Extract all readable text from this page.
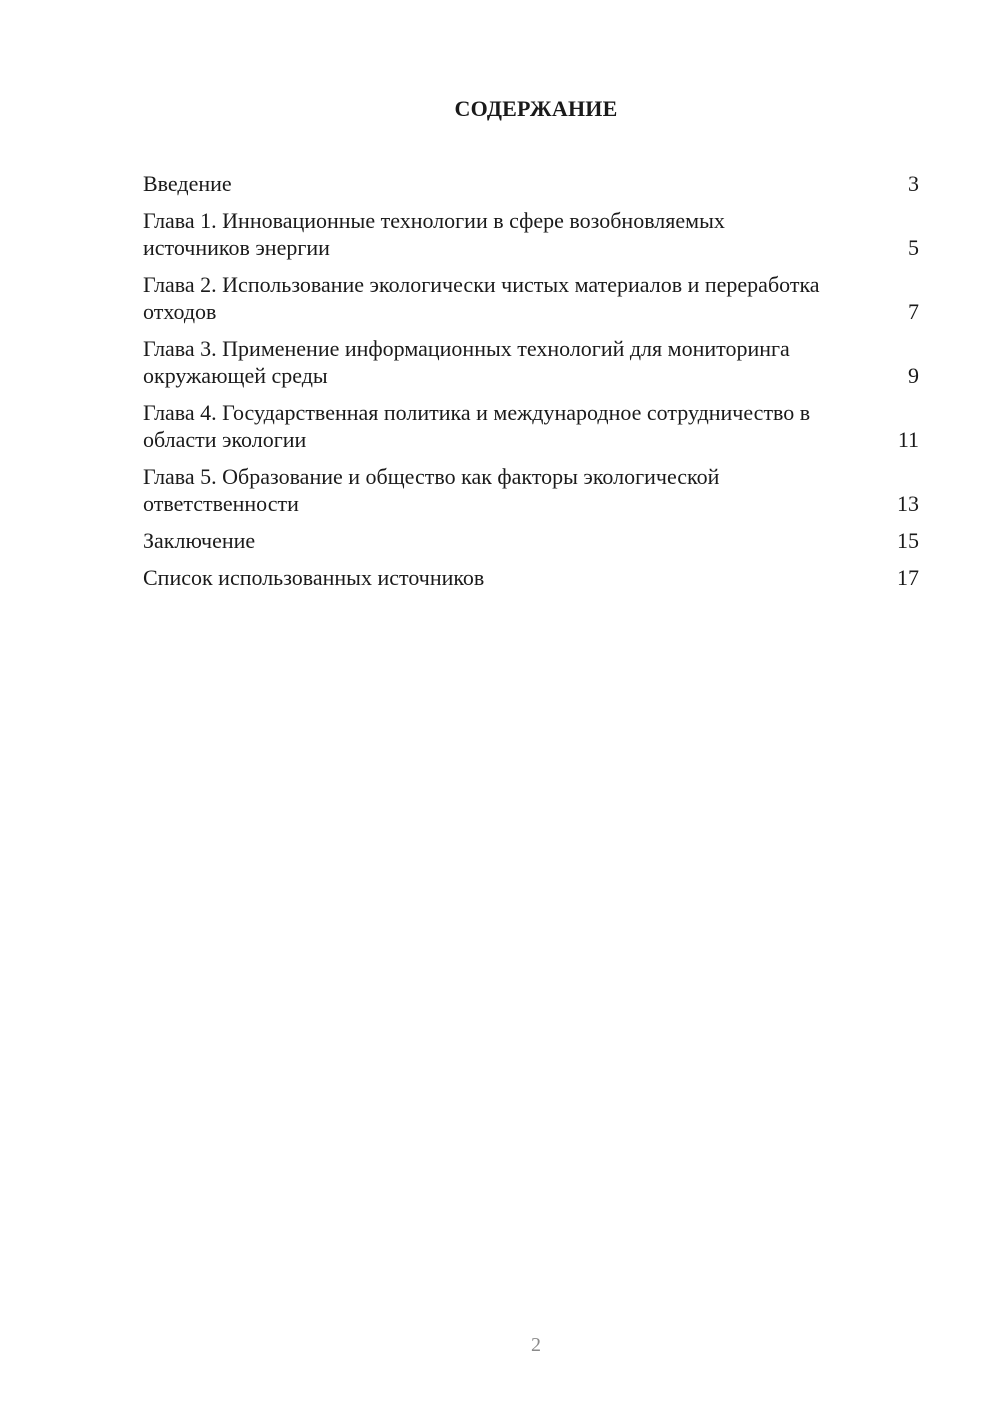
СОДЕРЖАНИЕ
Введение	3
Глава 1. Инновационные технологии в сфере возобновляемых источников энергии	5
Глава 2. Использование экологически чистых материалов и переработка отходов	7
Глава 3. Применение информационных технологий для мониторинга окружающей среды	9
Глава 4. Государственная политика и международное сотрудничество в области экологии	11
Глава 5. Образование и общество как факторы экологической ответственности	13
Заключение	15
Список использованных источников	17
2
